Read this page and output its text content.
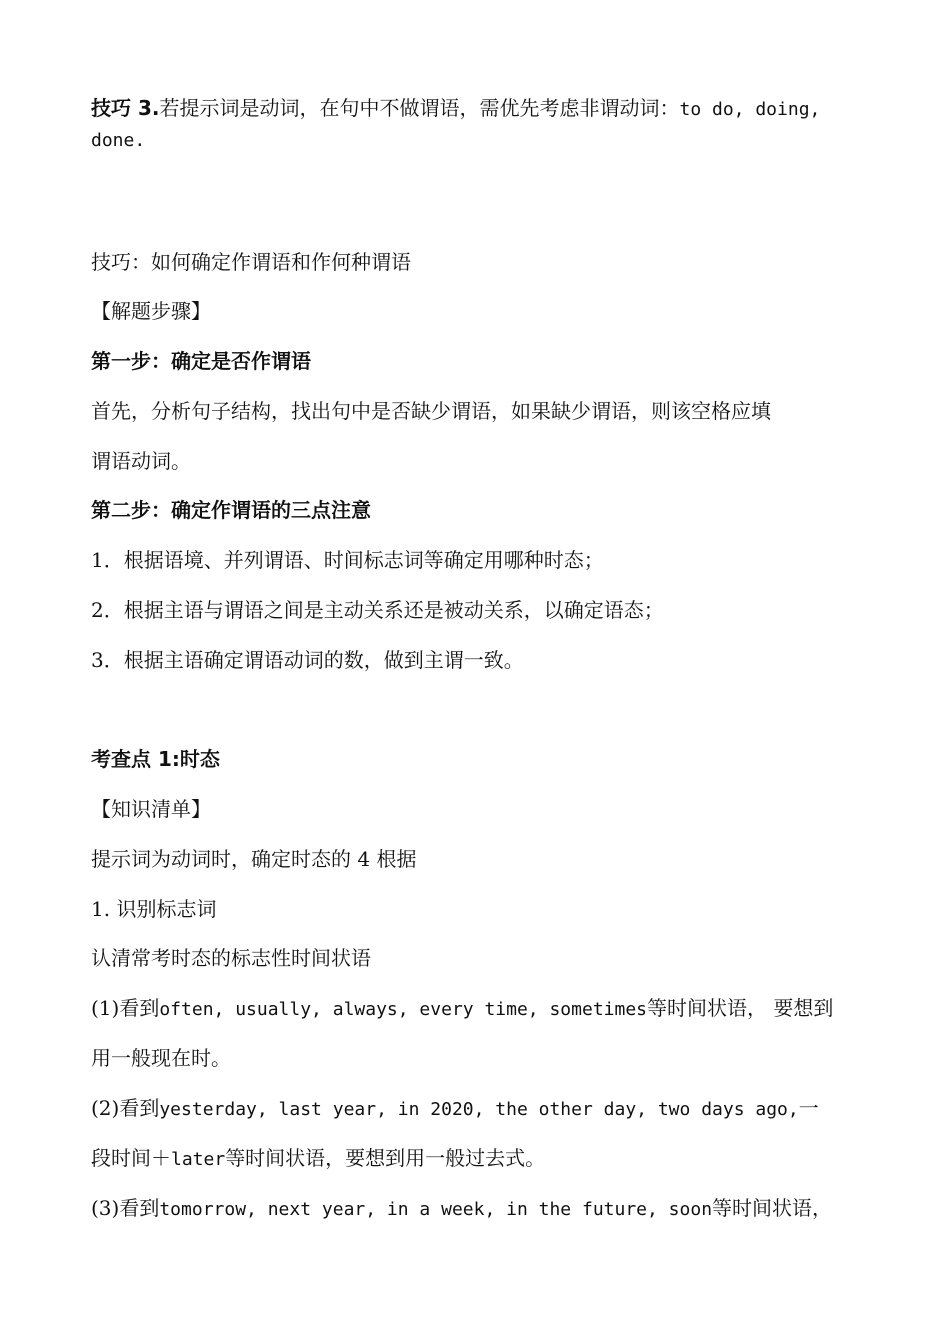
技巧 3.若提示词是动词，在句中不做谓语，需优先考虑非谓动词：to do, doing,
done.
技巧：如何确定作谓语和作何种谓语
【解题步骤】
第一步：确定是否作谓语
首先，分析句子结构，找出句中是否缺少谓语，如果缺少谓语，则该空格应填
谓语动词。
第二步：确定作谓语的三点注意
1．根据语境、并列谓语、时间标志词等确定用哪种时态；
2．根据主语与谓语之间是主动关系还是被动关系，以确定语态；
3．根据主语确定谓语动词的数，做到主谓一致。
考查点 1:时态
【知识清单】
提示词为动词时，确定时态的 4 根据
1. 识别标志词
认清常考时态的标志性时间状语
(1)看到often, usually, always, every time, sometimes等时间状语， 要想到
用一般现在时。
(2)看到yesterday, last year, in 2020, the other day, two days ago,一
段时间＋later等时间状语，要想到用一般过去式。
(3)看到tomorrow, next year, in a week, in the future, soon等时间状语，
